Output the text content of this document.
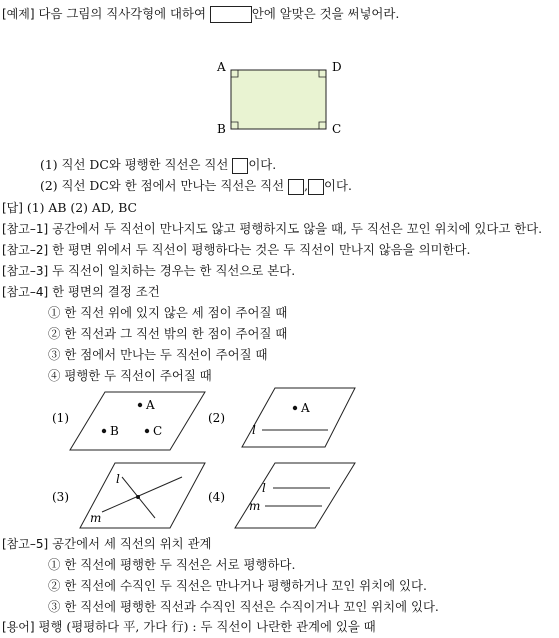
[예제] 다음 그림의 직사각형에 대하여	안에 알맞은 것을 써넣어라.
A	D
B	C
(1) 직선 DC와 평행한 직선은 직선 이다.
(2) 직선 DC와 한 점에서 만나는 직선은 직선 , 이다.
[답] (1) AB (2) AD, BC
[참고–1] 공간에서 두 직선이 만나지도 않고 평행하지도 않을 때, 두 직선은 꼬인 위치에 있다고 한다.
[참고–2] 한 평면 위에서 두 직선이 평행하다는 것은 두 직선이 만나지 않음을 의미한다.
[참고–3] 두 직선이 일치하는 경우는 한 직선으로 본다.
[참고–4] 한 평면의 결정 조건
① 한 직선 위에 있지 않은 세 점이 주어질 때
② 한 직선과 그 직선 밖의 한 점이 주어질 때
③ 한 점에서 만나는 두 직선이 주어질 때
④ 평행한 두 직선이 주어질 때
(1)
A
B	C
(2)
A
l
(3)
l
m
(4)
l
m
[참고–5] 공간에서 세 직선의 위치 관계
① 한 직선에 평행한 두 직선은 서로 평행하다.
② 한 직선에 수직인 두 직선은 만나거나 평행하거나 꼬인 위치에 있다.
③ 한 직선에 평행한 직선과 수직인 직선은 수직이거나 꼬인 위치에 있다.
[용어] 평행 (평평하다 平, 가다 行) : 두 직선이 나란한 관계에 있을 때
